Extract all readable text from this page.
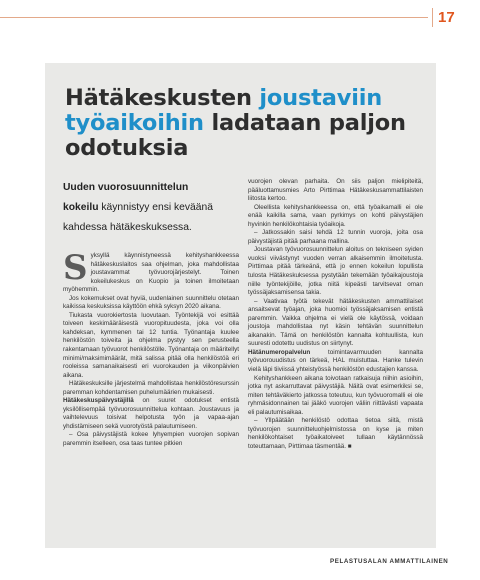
17
Hätäkeskusten joustaviin työaikoihin ladataan paljon odotuksia

Uuden vuorosuunnittelun
kokeilu käynnistyy ensi keväänä kahdessa hätäkeskuksessa.

Syksyllä käynnistyneessä kehityshankkeessa hätäkeskuslaitos saa ohjelman, joka mahdollistaa joustavammat työvuorojärjestelyt. Toinen kokeilukeskus on Kuopio ja toinen ilmoitetaan myöhemmin.

Jos kokemukset ovat hyviä, uudenlainen suunnittelu otetaan kaikissa keskuksissa käyttöön ehkä syksyn 2020 aikana.

Tiukasta vuorokiertosta luovutaan. Työntekijä voi esittää toiveen keskimääräisestä vuoropituudesta, joka voi olla kahdeksan, kymmenen tai 12 tuntia. Työnantaja kuulee henkilöstön toiveita ja ohjelma pystyy sen perusteella rakentamaan työvuorot henkilöstölle. Työnantaja on määritellyt minimi/maksimimäärät, mitä salissa pitää olla henkilöstöä eri rooleissa samanaikaisesti eri vuorokauden ja viikonpäivien aikana.

Hätäkeskuksille järjestelmä mahdollistaa henkilöstöresurssin paremman kohdentamisen puhelumäärien mukaisesti.

Hätäkeskuspäivystäjillä on suuret odotukset entistä yksilöllisempää työvuorosuunnittelua kohtaan. Joustavuus ja vaihtelevuus toisivat helpotusta työn ja vapaa-ajan yhdistämiseen sekä vuorotyöstä palautumiseen.

– Osa päivystäjistä kokee lyhyempien vuorojen sopivan paremmin itselleen, osa taas tuntee pitkien

vuorojen olevan parhaita. On siis paljon mielipiteitä, pääluottamusmies Arto Pirttimaa Hätäkeskusammattilaisten liitosta kertoo.

Oleellista kehityshankkeessa on, että työaikamalli ei ole enää kaikilla sama, vaan pyrkimys on kohti päivystäjien hyvinkin henkilökohtaisia työaikoja.

– Jatkossakin saisi tehdä 12 tunnin vuoroja, joita osa päivystäjistä pitää parhaana mallina.

Joustavan työvuorosuunnittelun aloitus on tekniseen syiden vuoksi viivästynyt vuoden verran alkaisemmin ilmoitetusta. Pirttimaa pitää tärkeänä, että jo ennen kokeilun lopullista tulosta Hätäkeskuksessa pystytään tekemään työaikajoustoja niille työntekijöille, jotka niitä kipeästi tarvitsevat oman työssäjaksamisensa takia.

– Vaativaa työtä tekevät hätäkeskusten ammattilaiset ansaitsevat työajan, joka huomioi työssäjaksamisen entistä paremmin. Vaikka ohjelma ei vielä ole käytössä, voidaan joustoja mahdollistaa nyt käsin tehtävän suunnittelun aikanakin. Tämä on henkilöstön kannalta kohtuullista, kun suuresti odotettu uudistus on siirtynyt.

Hätänumeropalvelun toimintavarmuuden kannalta työvuorouudistus on tärkeä, HAL muistuttaa. Hanke tulevin vielä läpi tiiviissä yhteistyössä henkilöstön edustajien kanssa.

Kehityshankkeen aikana toivotaan ratkaisuja niihin asioihin, jotka nyt askarruttavat päivystäjiä. Näitä ovat esimerkiksi se, miten tehtäväkierto jatkossa toteutuu, kun työvuoromalli ei ole ryhmäsidonnainen tai jääkö vuorojen väliin riittävästi vapaata eli palautumisaikaa.

– Yllpäätään henkilöstö odottaa tietoa siitä, mistä työvuorojen suunnitteluohjelmistossa on kyse ja miten henkilökohtaiset työaikatoiveet tullaan käytännössä toteuttamaan, Pirttimaa täsmentää. ■

PELASTUSALAN AMMATTILAINEN
